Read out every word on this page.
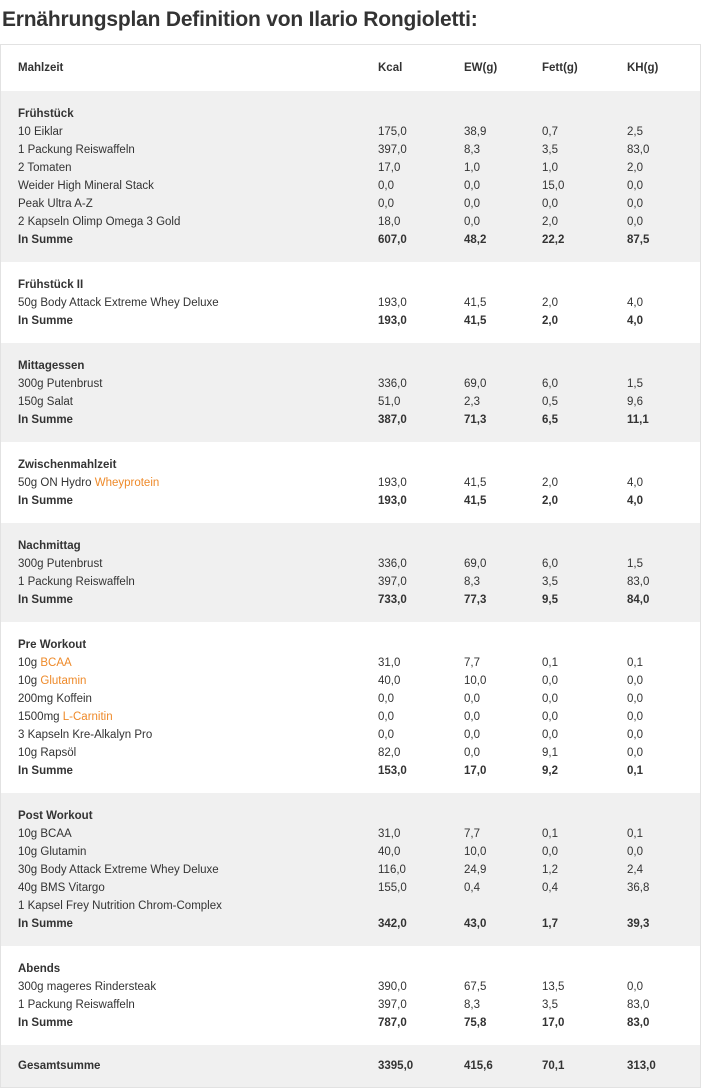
Ernährungsplan Definition von Ilario Rongioletti:
Mahlzeit	Kcal	EW(g)	Fett(g)	KH(g)
Frühstück
10 Eiklar	175,0	38,9	0,7	2,5
1 Packung Reiswaffeln	397,0	8,3	3,5	83,0
2 Tomaten	17,0	1,0	1,0	2,0
Weider High Mineral Stack	0,0	0,0	15,0	0,0
Peak Ultra A-Z	0,0	0,0	0,0	0,0
2 Kapseln Olimp Omega 3 Gold	18,0	0,0	2,0	0,0
In Summe	607,0	48,2	22,2	87,5
Frühstück II
50g Body Attack Extreme Whey Deluxe	193,0	41,5	2,0	4,0
In Summe	193,0	41,5	2,0	4,0
Mittagessen
300g Putenbrust	336,0	69,0	6,0	1,5
150g Salat	51,0	2,3	0,5	9,6
In Summe	387,0	71,3	6,5	11,1
Zwischenmahlzeit
50g ON Hydro Wheyprotein	193,0	41,5	2,0	4,0
In Summe	193,0	41,5	2,0	4,0
Nachmittag
300g Putenbrust	336,0	69,0	6,0	1,5
1 Packung Reiswaffeln	397,0	8,3	3,5	83,0
In Summe	733,0	77,3	9,5	84,0
Pre Workout
10g BCAA	31,0	7,7	0,1	0,1
10g Glutamin	40,0	10,0	0,0	0,0
200mg Koffein	0,0	0,0	0,0	0,0
1500mg L-Carnitin	0,0	0,0	0,0	0,0
3 Kapseln Kre-Alkalyn Pro	0,0	0,0	0,0	0,0
10g Rapsöl	82,0	0,0	9,1	0,0
In Summe	153,0	17,0	9,2	0,1
Post Workout
10g BCAA	31,0	7,7	0,1	0,1
10g Glutamin	40,0	10,0	0,0	0,0
30g Body Attack Extreme Whey Deluxe	116,0	24,9	1,2	2,4
40g BMS Vitargo	155,0	0,4	0,4	36,8
1 Kapsel Frey Nutrition Chrom-Complex
In Summe	342,0	43,0	1,7	39,3
Abends
300g mageres Rindersteak	390,0	67,5	13,5	0,0
1 Packung Reiswaffeln	397,0	8,3	3,5	83,0
In Summe	787,0	75,8	17,0	83,0
Gesamtsumme	3395,0	415,6	70,1	313,0
